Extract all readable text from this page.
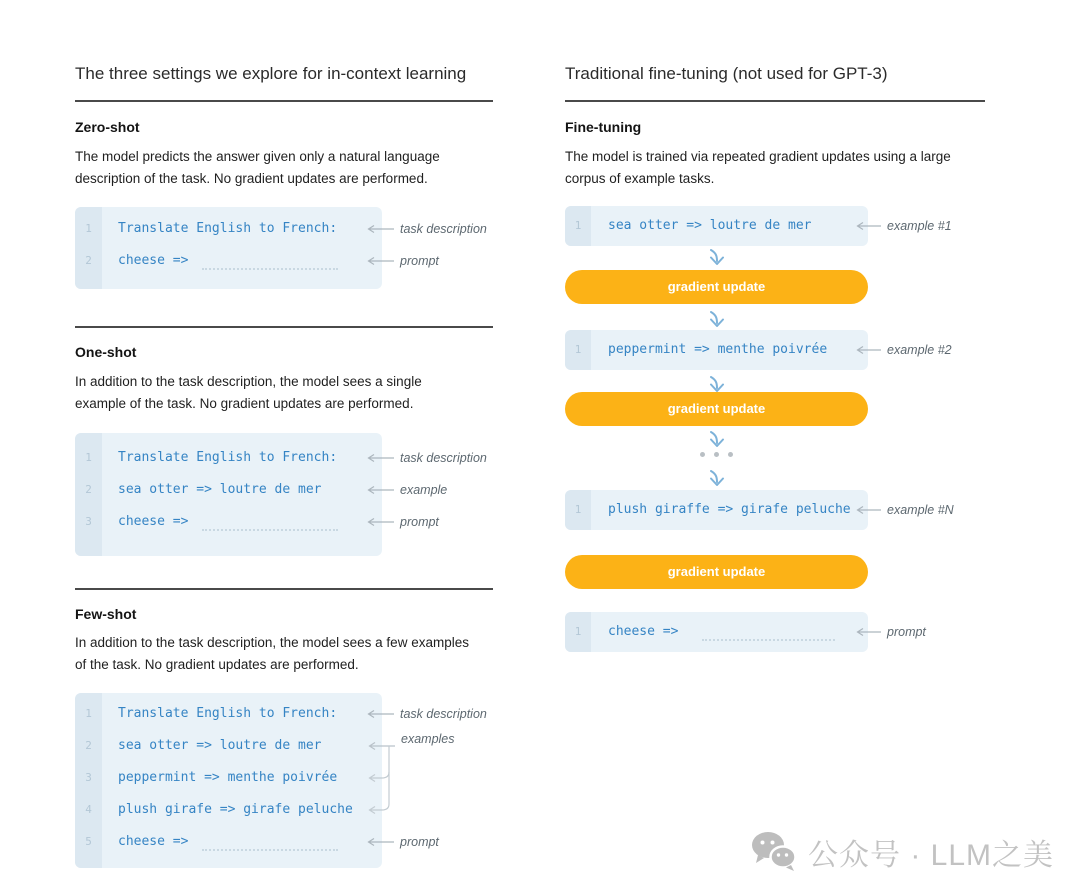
The three settings we explore for in-context learning
Zero-shot
The model predicts the answer given only a natural language description of the task. No gradient updates are performed.
1	Translate English to French:
2	cheese =>
task description
prompt
One-shot
In addition to the task description, the model sees a single example of the task. No gradient updates are performed.
1	Translate English to French:
2	sea otter => loutre de mer
3	cheese =>
task description
example
prompt
Few-shot
In addition to the task description, the model sees a few examples of the task. No gradient updates are performed.
1	Translate English to French:
2	sea otter => loutre de mer
3	peppermint => menthe poivrée
4	plush girafe => girafe peluche
5	cheese =>
task description
examples
prompt
Traditional fine-tuning (not used for GPT-3)
Fine-tuning
The model is trained via repeated gradient updates using a large corpus of example tasks.
1	sea otter => loutre de mer	example #1
gradient update
1	peppermint => menthe poivrée	example #2
gradient update
1	plush giraffe => girafe peluche	example #N
gradient update
1	cheese =>	prompt
公众号 · LLM之美
